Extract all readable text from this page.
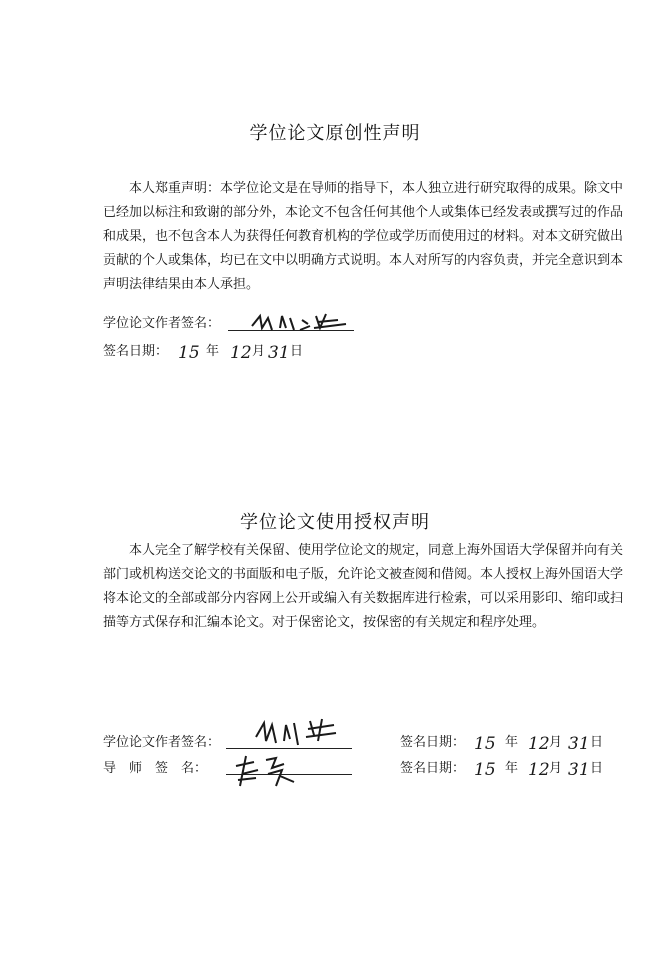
学位论文原创性声明

本人郑重声明：本学位论文是在导师的指导下，本人独立进行研究取得的成果。除文中已经加以标注和致谢的部分外，本论文不包含任何其他个人或集体已经发表或撰写过的作品和成果，也不包含本人为获得任何教育机构的学位或学历而使用过的材料。对本文研究做出贡献的个人或集体，均已在文中以明确方式说明。本人对所写的内容负责，并完全意识到本声明法律结果由本人承担。

学位论文作者签名：
签名日期： 15 年 12 月 31 日
学位论文使用授权声明

本人完全了解学校有关保留、使用学位论文的规定，同意上海外国语大学保留并向有关部门或机构送交论文的书面版和电子版，允许论文被查阅和借阅。本人授权上海外国语大学将本论文的全部或部分内容网上公开或编入有关数据库进行检索，可以采用影印、缩印或扫描等方式保存和汇编本论文。对于保密论文，按保密的有关规定和程序处理。

学位论文作者签名：
导　师　签　名：
签名日期： 15 年 12 月 31 日
签名日期： 15 年 12 月 31 日
